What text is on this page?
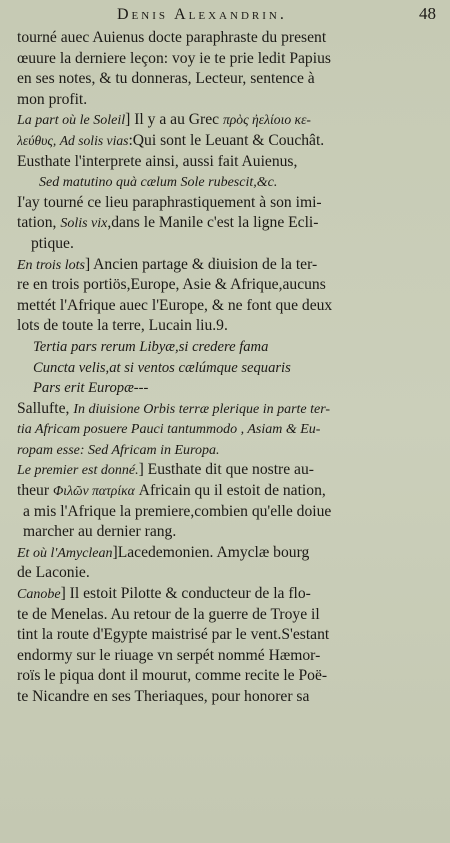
Denis Alexandrin.	48
tourné auec Auienus docte paraphraste du present
œuure la derniere leçon: voy ie te prie ledit Papius
en ses notes, & tu donneras, Lecteur, sentence à
mon profit.
La part où le Soleil] Il y a au Grec πρὸς ἠελίοιο κε-
λεύθυς, Ad solis vias:Qui sont le Leuant & Couchât.
Eusthate l'interprete ainsi, aussi fait Auienus,
Sed matutino quà cælum Sole rubescit,&c.
I'ay tourné ce lieu paraphrastiquement à son imi-
tation, Solis vix,dans le Manile c'est la ligne Ecli-
ptique.
En trois lots] Ancien partage & diuision de la ter-
re en trois portiös,Europe, Asie & Afrique,aucuns
mettét l'Afrique auec l'Europe, & ne font que deux
lots de toute la terre, Lucain liu.9.
Tertia pars rerum Libyæ,si credere fama
Cuncta velis,at si ventos cælúmque sequaris
Pars erit Europæ---
Sallufte, In diuisione Orbis terræ plerique in parte ter-
tia Africam posuere Pauci tantummodo , Asiam & Eu-
ropam esse: Sed Africam in Europa.
Le premier est donné.] Eusthate dit que nostre au-
theur Φιλῶν πατρίκα Africain qu il estoit de nation,
a mis l'Afrique la premiere,combien qu'elle doiue
marcher au dernier rang.
Et où l'Amyclean]Lacedemonien. Amyclæ bourg
de Laconie.
Canobe] Il estoit Pilotte & conducteur de la flo-
te de Menelas. Au retour de la guerre de Troye il
tint la route d'Egypte maistrisé par le vent.S'estant
endormy sur le riuage vn serpét nommé Hæmor-
roïs le piqua dont il mourut, comme recite le Poë-
te Nicandre en ses Theriaques, pour honorer sa
